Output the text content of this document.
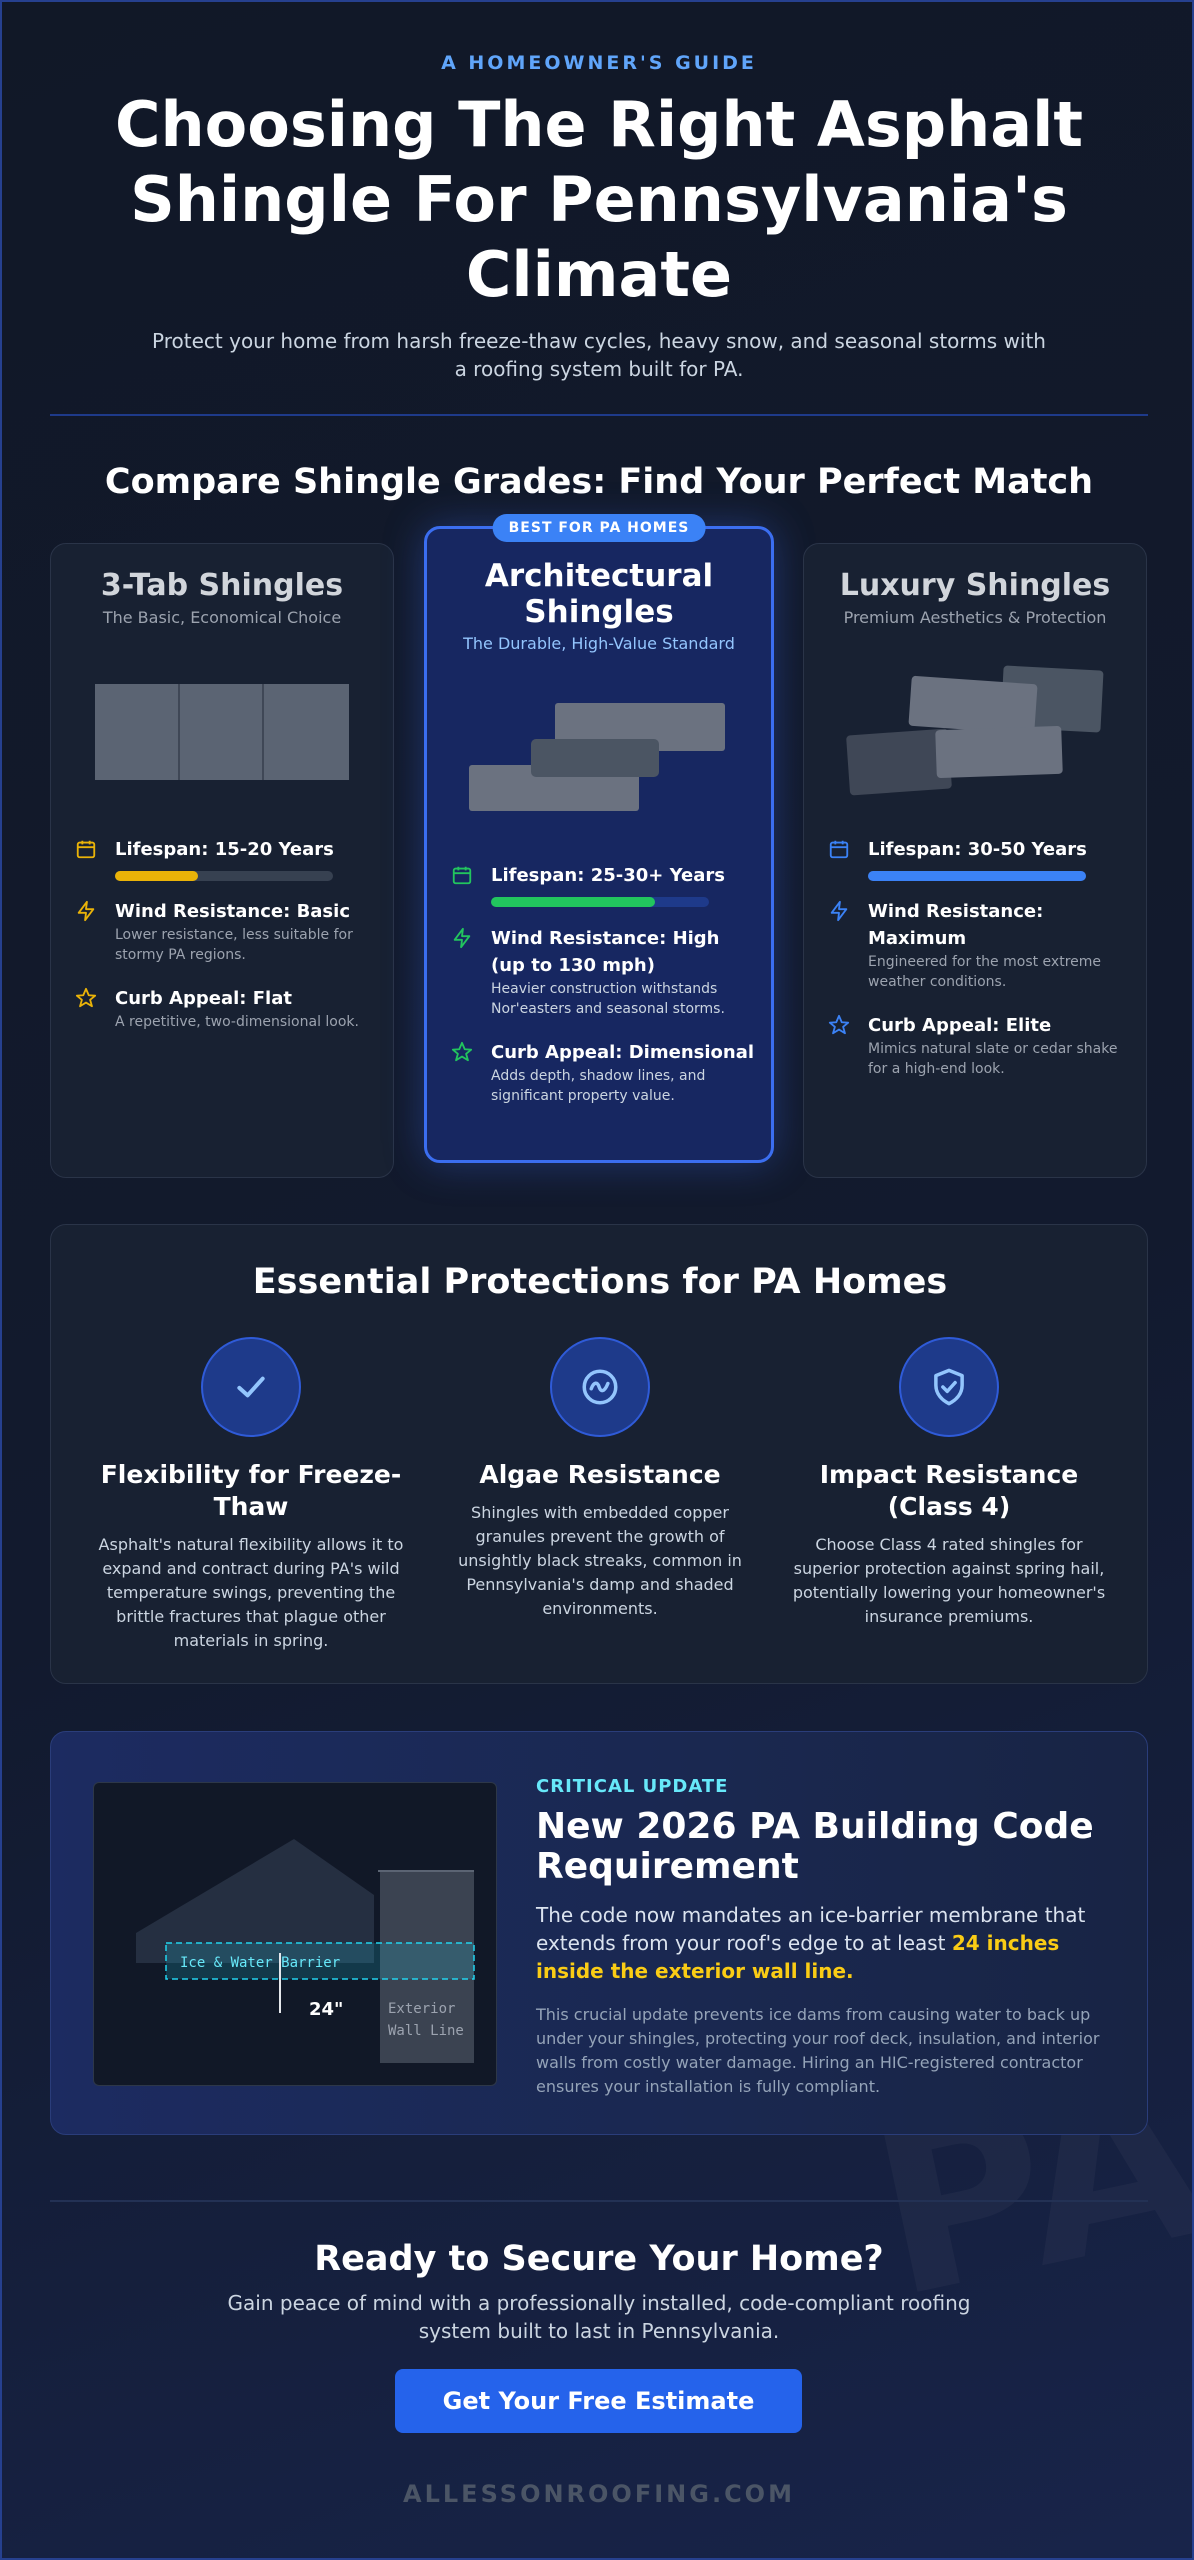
A HOMEOWNER'S GUIDE
Choosing The Right Asphalt Shingle For Pennsylvania's Climate

Protect your home from harsh freeze-thaw cycles, heavy snow, and seasonal storms with a roofing system built for PA.

Compare Shingle Grades: Find Your Perfect Match
3-Tab Shingles
The Basic, Economical Choice
Lifespan: 15-20 Years
Wind Resistance: Basic
Lower resistance, less suitable for stormy PA regions.
Curb Appeal: Flat
A repetitive, two-dimensional look.
BEST FOR PA HOMES
Architectural Shingles
The Durable, High-Value Standard
Lifespan: 25-30+ Years
Wind Resistance: High (up to 130 mph)
Heavier construction withstands Nor'easters and seasonal storms.
Curb Appeal: Dimensional
Adds depth, shadow lines, and significant property value.
Luxury Shingles
Premium Aesthetics & Protection
Lifespan: 30-50 Years
Wind Resistance: Maximum
Engineered for the most extreme weather conditions.
Curb Appeal: Elite
Mimics natural slate or cedar shake for a high-end look.
Essential Protections for PA Homes
Flexibility for Freeze-Thaw

Asphalt's natural flexibility allows it to expand and contract during PA's wild temperature swings, preventing the brittle fractures that plague other materials in spring.

Algae Resistance

Shingles with embedded copper granules prevent the growth of unsightly black streaks, common in Pennsylvania's damp and shaded environments.

Impact Resistance (Class 4)

Choose Class 4 rated shingles for superior protection against spring hail, potentially lowering your homeowner's insurance premiums.

Ice & Water Barrier
24"	Exterior
Wall Line
CRITICAL UPDATE
New 2026 PA Building Code Requirement

The code now mandates an ice-barrier membrane that extends from your roof's edge to at least 24 inches inside the exterior wall line.

This crucial update prevents ice dams from causing water to back up under your shingles, protecting your roof deck, insulation, and interior walls from costly water damage. Hiring an HIC-registered contractor ensures your installation is fully compliant.

Ready to Secure Your Home?

Gain peace of mind with a professionally installed, code-compliant roofing system built to last in Pennsylvania.

Get Your Free Estimate
ALLESSONROOFING.COM
